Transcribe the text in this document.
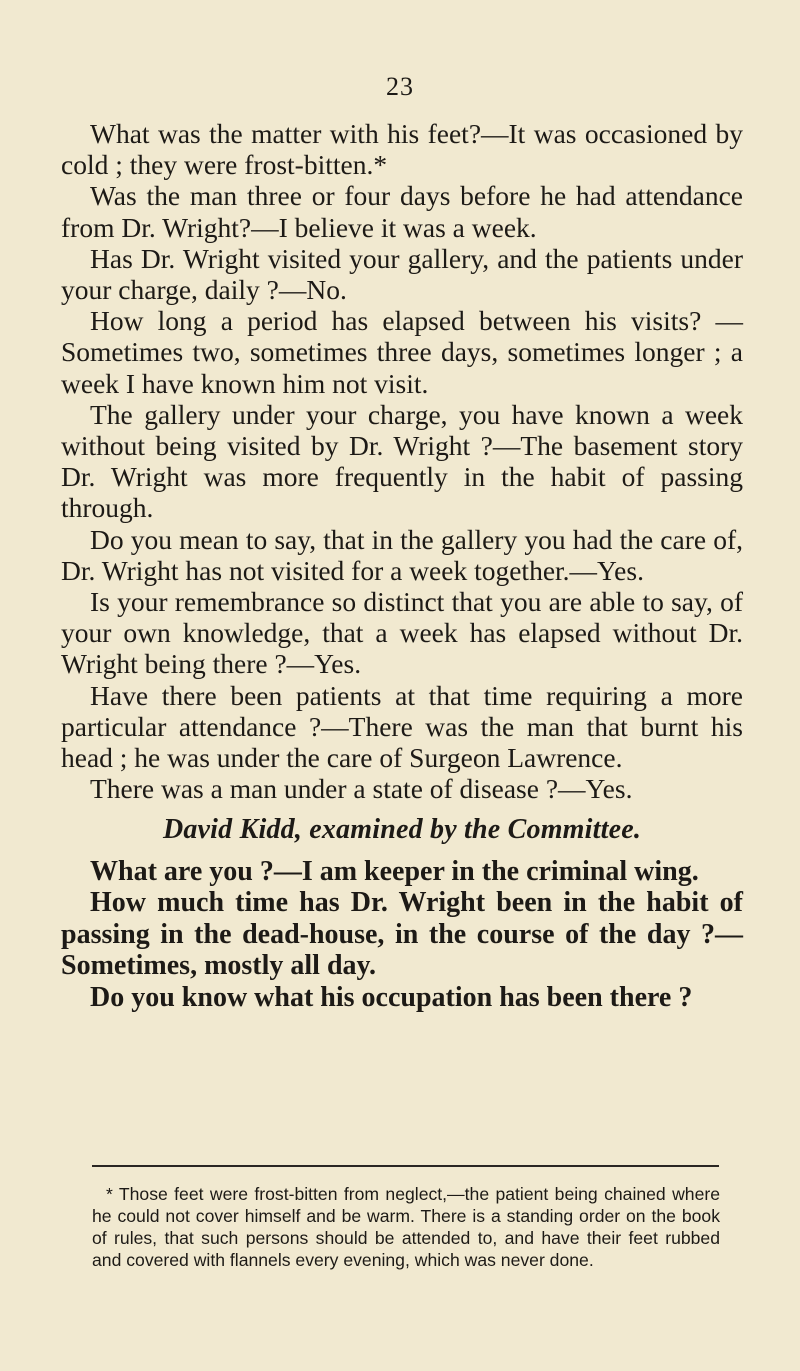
23

What was the matter with his feet?—It was occasioned by cold ; they were frost-bitten.*

Was the man three or four days before he had attendance from Dr. Wright?—I believe it was a week.

Has Dr. Wright visited your gallery, and the patients under your charge, daily ?—No.

How long a period has elapsed between his visits? —Sometimes two, sometimes three days, sometimes longer ; a week I have known him not visit.

The gallery under your charge, you have known a week without being visited by Dr. Wright ?—The basement story Dr. Wright was more frequently in the habit of passing through.

Do you mean to say, that in the gallery you had the care of, Dr. Wright has not visited for a week together.—Yes.

Is your remembrance so distinct that you are able to say, of your own knowledge, that a week has elapsed without Dr. Wright being there ?—Yes.

Have there been patients at that time requiring a more particular attendance ?—There was the man that burnt his head ; he was under the care of Surgeon Lawrence.

There was a man under a state of disease ?—Yes.

David Kidd, examined by the Committee.

What are you ?—I am keeper in the criminal wing.

How much time has Dr. Wright been in the habit of passing in the dead-house, in the course of the day ?—Sometimes, mostly all day.

Do you know what his occupation has been there ?

* Those feet were frost-bitten from neglect,—the patient being chained where he could not cover himself and be warm. There is a standing order on the book of rules, that such persons should be attended to, and have their feet rubbed and covered with flannels every evening, which was never done.
